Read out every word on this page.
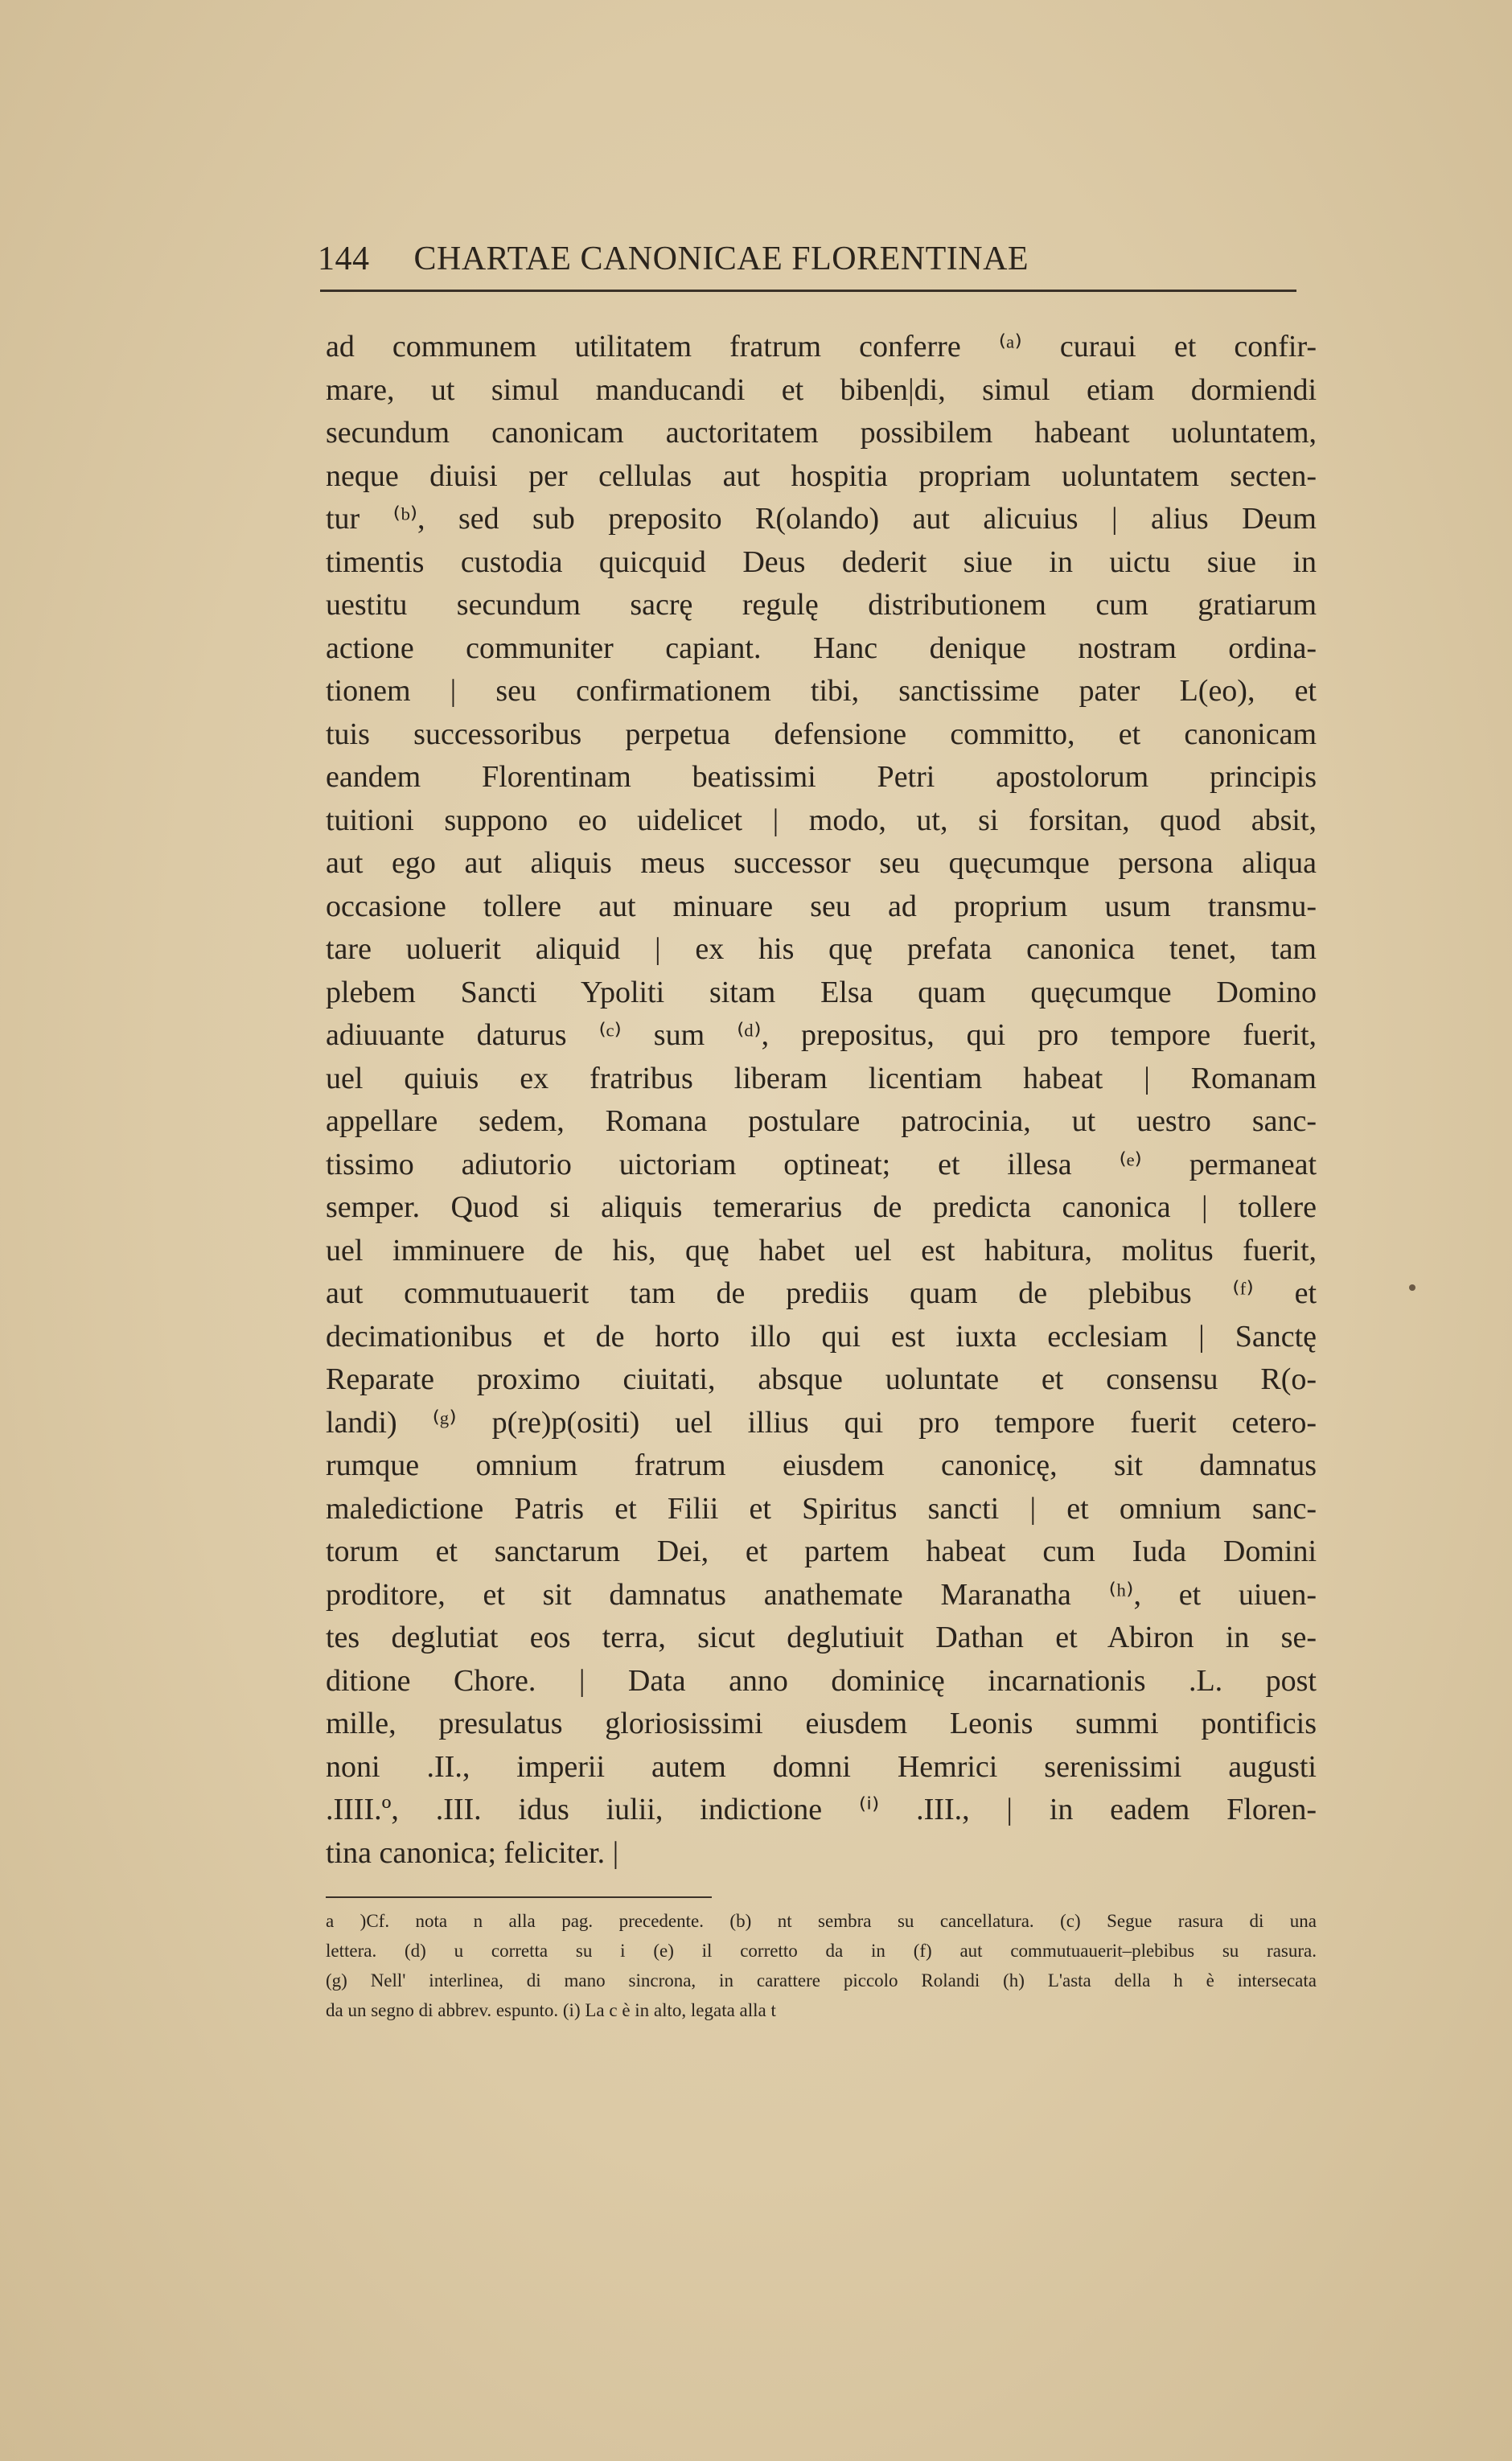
144 CHARTAE CANONICAE FLORENTINAE
ad communem utilitatem fratrum conferre ⁽ᵃ⁾ curaui et confir-
mare, ut simul manducandi et biben|di, simul etiam dormiendi
secundum canonicam auctoritatem possibilem habeant uoluntatem,
neque diuisi per cellulas aut hospitia propriam uoluntatem secten-
tur ⁽ᵇ⁾, sed sub preposito R(olando) aut alicuius | alius Deum
timentis custodia quicquid Deus dederit siue in uictu siue in
uestitu secundum sacrę regulę distributionem cum gratiarum
actione communiter capiant. Hanc denique nostram ordina-
tionem | seu confirmationem tibi, sanctissime pater L(eo), et
tuis successoribus perpetua defensione committo, et canonicam
eandem Florentinam beatissimi Petri apostolorum principis
tuitioni suppono eo uidelicet | modo, ut, si forsitan, quod absit,
aut ego aut aliquis meus successor seu quęcumque persona aliqua
occasione tollere aut minuare seu ad proprium usum transmu-
tare uoluerit aliquid | ex his quę prefata canonica tenet, tam
plebem Sancti Ypoliti sitam Elsa quam quęcumque Domino
adiuuante daturus ⁽ᶜ⁾ sum ⁽ᵈ⁾, prepositus, qui pro tempore fuerit,
uel quiuis ex fratribus liberam licentiam habeat | Romanam
appellare sedem, Romana postulare patrocinia, ut uestro sanc-
tissimo adiutorio uictoriam optineat; et illesa ⁽ᵉ⁾ permaneat
semper. Quod si aliquis temerarius de predicta canonica | tollere
uel imminuere de his, quę habet uel est habitura, molitus fuerit,
aut commutuauerit tam de prediis quam de plebibus ⁽ᶠ⁾ et
decimationibus et de horto illo qui est iuxta ecclesiam | Sanctę
Reparate proximo ciuitati, absque uoluntate et consensu R(o-
landi) ⁽ᵍ⁾ p(re)p(ositi) uel illius qui pro tempore fuerit cetero-
rumque omnium fratrum eiusdem canonicę, sit damnatus
maledictione Patris et Filii et Spiritus sancti | et omnium sanc-
torum et sanctarum Dei, et partem habeat cum Iuda Domini
proditore, et sit damnatus anathemate Maranatha ⁽ʰ⁾, et uiuen-
tes deglutiat eos terra, sicut deglutiuit Dathan et Abiron in se-
ditione Chore. | Data anno dominicę incarnationis .L. post
mille, presulatus gloriosissimi eiusdem Leonis summi pontificis
noni .II., imperii autem domni Hemrici serenissimi augusti
.IIII.º, .III. idus iulii, indictione ⁽ⁱ⁾ .III., | in eadem Floren-
tina canonica; feliciter. |
a )Cf. nota n alla pag. precedente. (b) nt sembra su cancellatura. (c) Segue rasura di una
lettera. (d) u corretta su i (e) il corretto da in (f) aut commutuauerit–plebibus su rasura.
(g) Nell' interlinea, di mano sincrona, in carattere piccolo Rolandi (h) L'asta della h è intersecata
da un segno di abbrev. espunto. (i) La c è in alto, legata alla t
